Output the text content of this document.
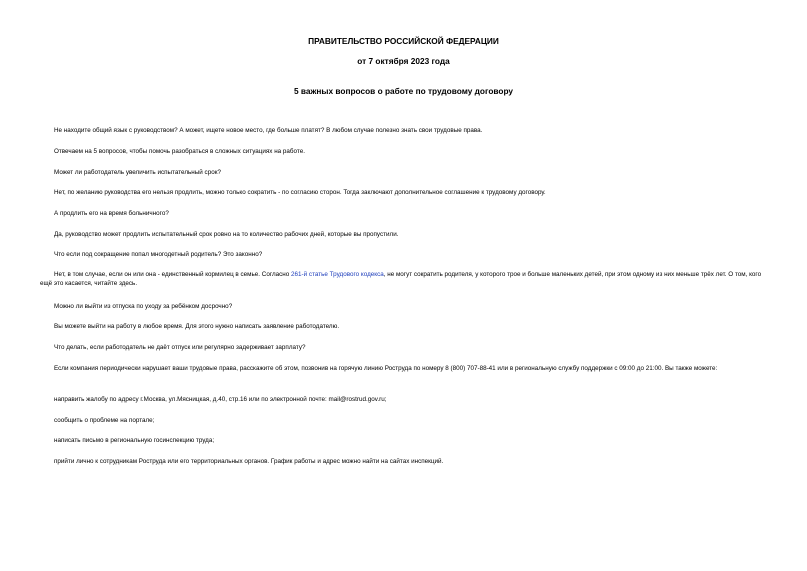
ПРАВИТЕЛЬСТВО РОССИЙСКОЙ ФЕДЕРАЦИИ
от 7 октября 2023 года
5 важных вопросов о работе по трудовому договору
Не находите общий язык с руководством? А может, ищете новое место, где больше платят? В любом случае полезно знать свои трудовые права.
Отвечаем на 5 вопросов, чтобы помочь разобраться в сложных ситуациях на работе.
Может ли работодатель увеличить испытательный срок?
Нет, по желанию руководства его нельзя продлить, можно только сократить - по согласию сторон. Тогда заключают дополнительное соглашение к трудовому договору.
А продлить его на время больничного?
Да, руководство может продлить испытательный срок ровно на то количество рабочих дней, которые вы пропустили.
Что если под сокращение попал многодетный родитель? Это законно?
Нет, в том случае, если он или она - единственный кормилец в семье. Согласно 261-й статье Трудового кодекса, не могут сократить родителя, у которого трое и больше маленьких детей, при этом одному из них меньше трёх лет. О том, кого ещё это касается, читайте здесь.
Можно ли выйти из отпуска по уходу за ребёнком досрочно?
Вы можете выйти на работу в любое время. Для этого нужно написать заявление работодателю.
Что делать, если работодатель не даёт отпуск или регулярно задерживает зарплату?
Если компания периодически нарушает ваши трудовые права, расскажите об этом, позвонив на горячую линию Роструда по номеру 8 (800) 707-88-41 или в региональную службу поддержки с 09:00 до 21:00. Вы также можете:
направить жалобу по адресу г.Москва, ул.Мясницкая, д.40, стр.16 или по электронной почте: mail@rostrud.gov.ru;
сообщить о проблеме на портале;
написать письмо в региональную госинспекцию труда;
прийти лично к сотрудникам Роструда или его территориальных органов. График работы и адрес можно найти на сайтах инспекций.
